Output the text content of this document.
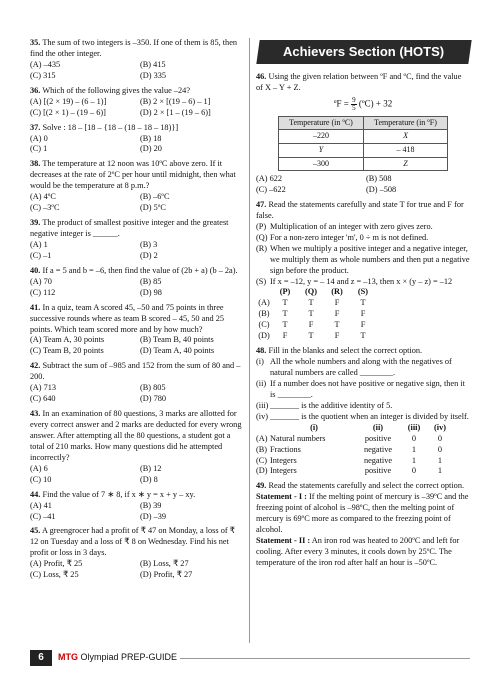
35. The sum of two integers is –350. If one of them is 85, then find the other integer.
(A) –435	(B) 415
(C) 315	(D) 335
36. Which of the following gives the value –24?
(A) [(2 × 19) – (6 – 1)]	(B) 2 × [(19 – 6) – 1]
(C) [(2 × 1) – (19 – 6)]	(D) 2 × [1 – (19 – 6)]
37. Solve : 18 – [18 – {18 – (18 – 18 – 18)}]
(A) 0	(B) 18
(C) 1	(D) 20
38. The temperature at 12 noon was 10ºC above zero. If it decreases at the rate of 2ºC per hour until midnight, then what would be the temperature at 8 p.m.?
(A) 4ºC	(B) –6ºC
(C) –3ºC	(D) 5ºC
39. The product of smallest positive integer and the greatest negative integer is ______.
(A) 1	(B) 3
(C) –1	(D) 2
40. If a = 5 and b = –6, then find the value of (2b + a) (b – 2a).
(A) 70	(B) 85
(C) 112	(D) 98
41. In a quiz, team A scored 45, –50 and 75 points in three successive rounds where as team B scored – 45, 50 and 25 points. Which team scored more and by how much?
(A) Team A, 30 points	(B) Team B, 40 points
(C) Team B, 20 points	(D) Team A, 40 points
42. Subtract the sum of –985 and 152 from the sum of 80 and –200.
(A) 713	(B) 805
(C) 640	(D) 780
43. In an examination of 80 questions, 3 marks are allotted for every correct answer and 2 marks are deducted for every wrong answer. After attempting all the 80 questions, a student got a total of 210 marks. How many questions did he attempted incorrectly?
(A) 6	(B) 12
(C) 10	(D) 8
44. Find the value of 7 ∗ 8, if x ∗ y = x + y – xy.
(A) 41	(B) 39
(C) –41	(D) –39
45. A greengrocer had a profit of ₹ 47 on Monday, a loss of ₹ 12 on Tuesday and a loss of ₹ 8 on Wednesday. Find his net profit or loss in 3 days.
(A) Profit, ₹ 25	(B) Loss, ₹ 27
(C) Loss, ₹ 25	(D) Profit, ₹ 27
Achievers Section (HOTS)
46. Using the given relation between ºF and ºC, find the value of X – Y + Z.
ºF = $\frac{9}{5}$ (ºC) + 32
Temperature (in ºC)	Temperature (in ºF)
–220	X
Y	– 418
–300	Z
(A) 622	(B) 508
(C) –622	(D) –508
47. Read the statements carefully and state T for true and F for false.
(P) Multiplication of an integer with zero gives zero.
(Q) For a non-zero integer 'm', 0 ÷ m is not defined.
(R) When we multiply a positive integer and a negative integer, we multiply them as whole numbers and then put a negative sign before the product.
(S) If x = –12, y = – 14 and z = –13, then x × (y – z) = –12
(P)	(Q)	(R)	(S)
(A)	T	T	F	T
(B)	T	T	F	F
(C)	T	F	T	F
(D)	F	T	F	T
48. Fill in the blanks and select the correct option.
(i) All the whole numbers and along with the negatives of natural numbers are called ________.
(ii) If a number does not have positive or negative sign, then it is ________.
(iii) _______ is the additive identity of 5.
(iv) _______ is the quotient when an integer is divided by itself.
(i)	(ii)	(iii)	(iv)
(A) Natural numbers	positive	0	0
(B) Fractions	negative	1	0
(C) Integers	negative	1	1
(D) Integers	positive	0	1
49. Read the statements carefully and select the correct option.
Statement - I : If the melting point of mercury is –39ºC and the freezing point of alcohol is –98ºC, then the melting point of mercury is 69ºC more as compared to the freezing point of alcohol.
Statement - II : An iron rod was heated to 200ºC and left for cooling. After every 3 minutes, it cools down by 25ºC. The temperature of the iron rod after half an hour is –50ºC.
6	MTG Olympiad PREP-GUIDE
